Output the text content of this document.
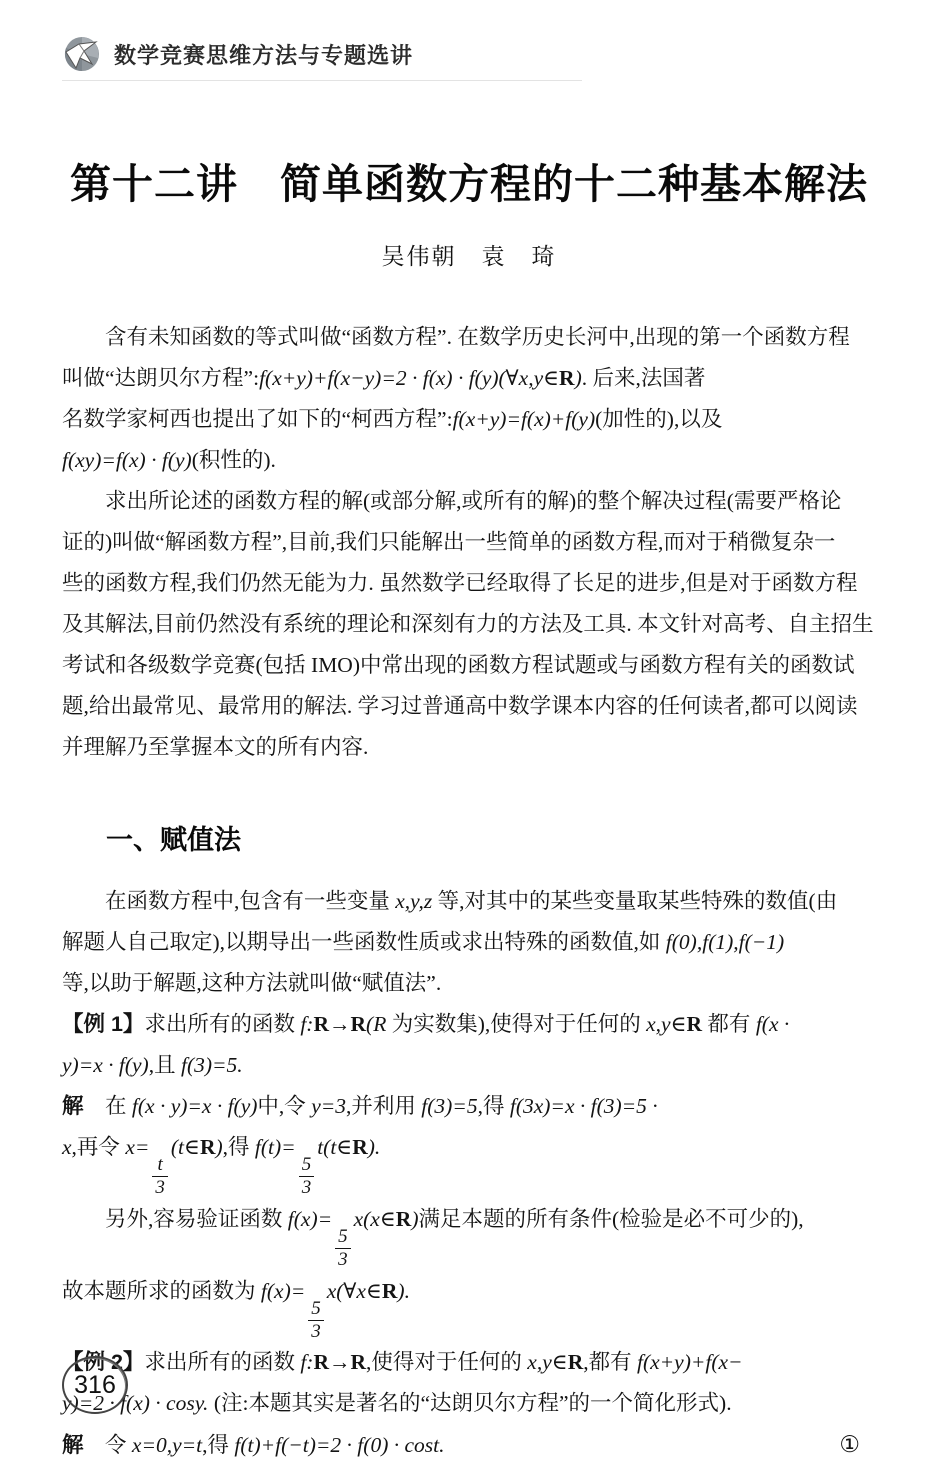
数学竞赛思维方法与专题选讲
第十二讲　简单函数方程的十二种基本解法
吴伟朝　袁　琦
　　含有未知函数的等式叫做“函数方程”. 在数学历史长河中,出现的第一个函数方程
叫做“达朗贝尔方程”:f(x+y)+f(x−y)=2 · f(x) · f(y)(∀x,y∈R). 后来,法国著
名数学家柯西也提出了如下的“柯西方程”:f(x+y)=f(x)+f(y)(加性的),以及
f(xy)=f(x) · f(y)(积性的).
　　求出所论述的函数方程的解(或部分解,或所有的解)的整个解决过程(需要严格论
证的)叫做“解函数方程”,目前,我们只能解出一些简单的函数方程,而对于稍微复杂一
些的函数方程,我们仍然无能为力. 虽然数学已经取得了长足的进步,但是对于函数方程
及其解法,目前仍然没有系统的理论和深刻有力的方法及工具. 本文针对高考、自主招生
考试和各级数学竞赛(包括 IMO)中常出现的函数方程试题或与函数方程有关的函数试
题,给出最常见、最常用的解法. 学习过普通高中数学课本内容的任何读者,都可以阅读
并理解乃至掌握本文的所有内容.
一、赋值法
　　在函数方程中,包含有一些变量 x,y,z 等,对其中的某些变量取某些特殊的数值(由
解题人自己取定),以期导出一些函数性质或求出特殊的函数值,如 f(0),f(1),f(−1)
等,以助于解题,这种方法就叫做“赋值法”.
【例 1】求出所有的函数 f:R→R(R 为实数集),使得对于任何的 x,y∈R 都有 f(x ·
y)=x · f(y),且 f(3)=5.
解　在 f(x · y)=x · f(y)中,令 y=3,并利用 f(3)=5,得 f(3x)=x · f(3)=5 ·
x,再令 x=
$\frac{t}{3}$
(t∈R),得 f(t)=
$\frac{5}{3}$
t(t∈R).
　　另外,容易验证函数 f(x)=
$\frac{5}{3}$
x(x∈R)满足本题的所有条件(检验是必不可少的),
故本题所求的函数为 f(x)=
$\frac{5}{3}$
x(∀x∈R).
【例 2】求出所有的函数 f:R→R,使得对于任何的 x,y∈R,都有 f(x+y)+f(x−
y)=2 · f(x) · cosy. (注:本题其实是著名的“达朗贝尔方程”的一个简化形式).
解　令 x=0,y=t,得 f(t)+f(−t)=2 · f(0) · cost.	①
316
